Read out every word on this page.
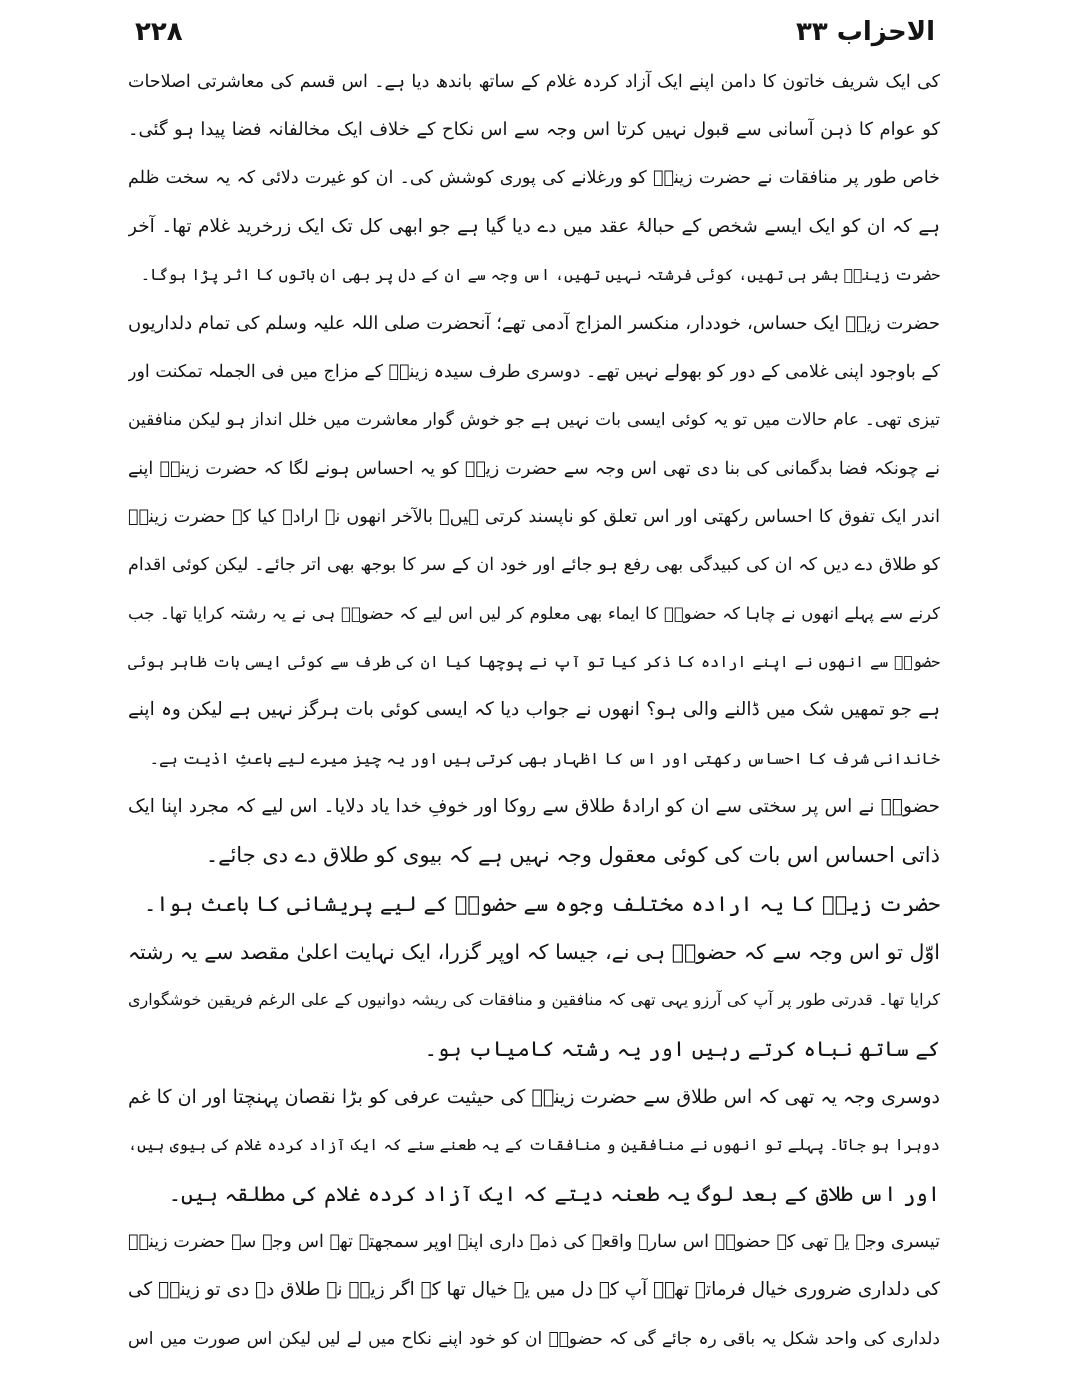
۲۲۸	الاحزاب ۳۳
کی ایک شریف خاتون کا دامن اپنے ایک آزاد کردہ غلام کے ساتھ باندھ دیا ہے۔ اس قسم کی معاشرتی اصلاحات
کو عوام کا ذہن آسانی سے قبول نہیں کرتا اس وجہ سے اس نکاح کے خلاف ایک مخالفانہ فضا پیدا ہو گئی۔
خاص طور پر منافقات نے حضرت زینبؓ کو ورغلانے کی پوری کوشش کی۔ ان کو غیرت دلائی کہ یہ سخت ظلم
ہے کہ ان کو ایک ایسے شخص کے حبالۂ عقد میں دے دیا گیا ہے جو ابھی کل تک ایک زرخرید غلام تھا۔ آخر
حضرت زینبؓ بشر ہی تھیں، کوئی فرشتہ نہیں تھیں، اس وجہ سے ان کے دل پر بھی ان باتوں کا اثر پڑا ہوگا۔
حضرت زیدؓ ایک حساس، خوددار، منکسر المزاج آدمی تھے؛ آنحضرت صلی اللہ علیہ وسلم کی تمام دلداریوں
کے باوجود اپنی غلامی کے دور کو بھولے نہیں تھے۔ دوسری طرف سیدہ زینبؓ کے مزاج میں فی الجملہ تمکنت اور
تیزی تھی۔ عام حالات میں تو یہ کوئی ایسی بات نہیں ہے جو خوش گوار معاشرت میں خلل انداز ہو لیکن منافقین
نے چونکہ فضا بدگمانی کی بنا دی تھی اس وجہ سے حضرت زیدؓ کو یہ احساس ہونے لگا کہ حضرت زینبؓ اپنے
اندر ایک تفوق کا احساس رکھتی اور اس تعلق کو ناپسند کرتی ہیں۔ بالآخر انھوں نے ارادہ کیا کہ حضرت زینبؓ
کو طلاق دے دیں کہ ان کی کبیدگی بھی رفع ہو جائے اور خود ان کے سر کا بوجھ بھی اتر جائے۔ لیکن کوئی اقدام
کرنے سے پہلے انھوں نے چاہا کہ حضورؐ کا ایماء بھی معلوم کر لیں اس لیے کہ حضورؐ ہی نے یہ رشتہ کرایا تھا۔ جب
حضورؐ سے انھوں نے اپنے ارادہ کا ذکر کیا تو آپ نے پوچھا کیا ان کی طرف سے کوئی ایسی بات ظاہر ہوئی
ہے جو تمھیں شک میں ڈالنے والی ہو؟ انھوں نے جواب دیا کہ ایسی کوئی بات ہرگز نہیں ہے لیکن وہ اپنے
خاندانی شرف کا احساس رکھتی اور اس کا اظہار بھی کرتی ہیں اور یہ چیز میرے لیے باعثِ اذیت ہے۔
حضورؐ نے اس پر سختی سے ان کو ارادۂ طلاق سے روکا اور خوفِ خدا یاد دلایا۔ اس لیے کہ مجرد اپنا ایک
ذاتی احساس اس بات کی کوئی معقول وجہ نہیں ہے کہ بیوی کو طلاق دے دی جائے۔
حضرت زیدؓ کا یہ ارادہ مختلف وجوہ سے حضورؐ کے لیے پریشانی کا باعث ہوا۔
اوّل تو اس وجہ سے کہ حضورؐ ہی نے، جیسا کہ اوپر گزرا، ایک نہایت اعلیٰ مقصد سے یہ رشتہ
کرایا تھا۔ قدرتی طور پر آپ کی آرزو یہی تھی کہ منافقین و منافقات کی ریشہ دوانیوں کے علی الرغم فریقین خوشگواری
کے ساتھ نباہ کرتے رہیں اور یہ رشتہ کامیاب ہو۔
دوسری وجہ یہ تھی کہ اس طلاق سے حضرت زینبؓ کی حیثیت عرفی کو بڑا نقصان پہنچتا اور ان کا غم
دوہرا ہو جاتا۔ پہلے تو انھوں نے منافقین و منافقات کے یہ طعنے سنے کہ ایک آزاد کردہ غلام کی بیوی ہیں،
اور اس طلاق کے بعد لوگ یہ طعنہ دیتے کہ ایک آزاد کردہ غلام کی مطلقہ ہیں۔
تیسری وجہ یہ تھی کہ حضورؐ اس سارے واقعہ کی ذمہ داری اپنے اوپر سمجھتے تھے اس وجہ سے حضرت زینبؓ
کی دلداری ضروری خیال فرماتے تھے۔ آپ کے دل میں یہ خیال تھا کہ اگر زیدؓ نے طلاق دے دی تو زینبؓ کی
دلداری کی واحد شکل یہ باقی رہ جائے گی کہ حضورؐ ان کو خود اپنے نکاح میں لے لیں لیکن اس صورت میں اس
